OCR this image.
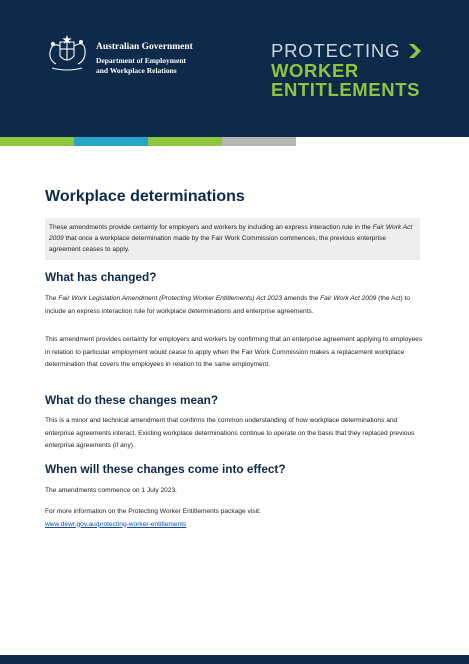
Australian Government
Department of Employment
and Workplace Relations
PROTECTING
WORKER
ENTITLEMENTS
Workplace determinations
These amendments provide certainty for employers and workers by including an express interaction rule in the Fair Work Act 2009 that once a workplace determination made by the Fair Work Commission commences, the previous enterprise agreement ceases to apply.
What has changed?

The Fair Work Legislation Amendment (Protecting Worker Entitlements) Act 2023 amends the Fair Work Act 2009 (the Act) to include an express interaction rule for workplace determinations and enterprise agreements.

This amendment provides certainty for employers and workers by confirming that an enterprise agreement applying to employees in relation to particular employment would cease to apply when the Fair Work Commission makes a replacement workplace determination that covers the employees in relation to the same employment.

What do these changes mean?

This is a minor and technical amendment that confirms the common understanding of how workplace determinations and enterprise agreements interact. Existing workplace determinations continue to operate on the basis that they replaced previous enterprise agreements (if any).

When will these changes come into effect?

The amendments commence on 1 July 2023.

For more information on the Protecting Worker Entitlements package visit:
www.dewr.gov.au/protecting-worker-entitlements
